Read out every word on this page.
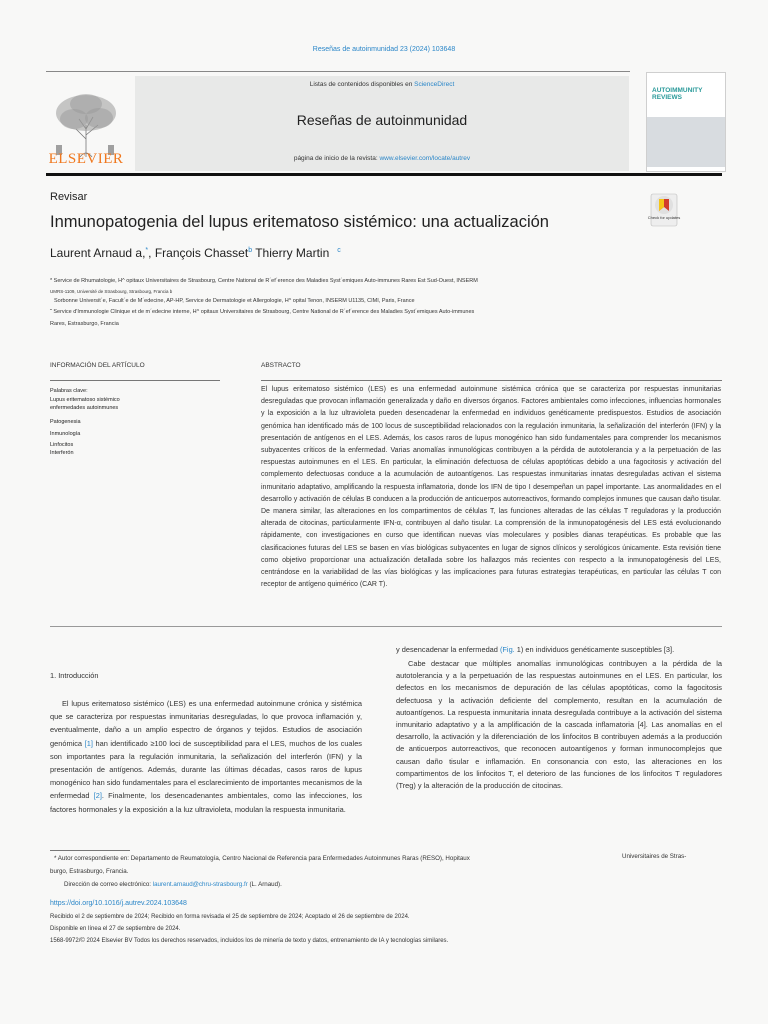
Reseñas de autoinmunidad 23 (2024) 103648
ELSEVIER
Listas de contenidos disponibles en ScienceDirect
Reseñas de autoinmunidad
página de inicio de la revista: www.elsevier.com/locate/autrev
AUTOIMMUNITY REVIEWS
Revisar
Inmunopatogenia del lupus eritematoso sistémico: una actualización	Check for updates
Laurent Arnaud a,*, François Chasset$^b$ Thierry Martin $^c$
* Service de Rhumatologie, H^ opitaux Universitaires de Strasbourg, Centre National de R´ef´erence des Maladies Syst´emiques Auto-immunes Rares Est Sud-Ouest, INSERM
UMRS-1109, Université de Strasbourg, Strasbourg, Francia b
Sorbonne Universit´e, Facult´e de M´edecine, AP-HP, Service de Dermatologie et Allergologie, H^ opital Tenon, INSERM U1135, CIMI, Paris, France
˜ Service d'Immunologie Clinique et de m´edecine interne, H^ opitaux Universitaires de Strasbourg, Centre National de R´ef´erence des Maladies Syst´emiques Auto-immunes
Rares, Estrasburgo, Francia
INFORMACIÓN DEL ARTÍCULO	ABSTRACTO
Palabras clave:
Lupus eritematoso sistémico
enfermedades autoinmunes
Patogenesia
Inmunología
Linfocitos
Interferón
El lupus eritematoso sistémico (LES) es una enfermedad autoinmune sistémica crónica que se caracteriza por respuestas inmunitarias desreguladas que provocan inflamación generalizada y daño en diversos órganos. Factores ambientales como infecciones, influencias hormonales y la exposición a la luz ultravioleta pueden desencadenar la enfermedad en individuos genéticamente predispuestos. Estudios de asociación genómica han identificado más de 100 locus de susceptibilidad relacionados con la regulación inmunitaria, la señalización del interferón (IFN) y la presentación de antígenos en el LES. Además, los casos raros de lupus monogénico han sido fundamentales para comprender los mecanismos subyacentes críticos de la enfermedad. Varias anomalías inmunológicas contribuyen a la pérdida de autotolerancia y a la perpetuación de las respuestas autoinmunes en el LES. En particular, la eliminación defectuosa de células apoptóticas debido a una fagocitosis y activación del complemento defectuosas conduce a la acumulación de autoantígenos. Las respuestas inmunitarias innatas desreguladas activan el sistema inmunitario adaptativo, amplificando la respuesta inflamatoria, donde los IFN de tipo I desempeñan un papel importante. Las anormalidades en el desarrollo y activación de células B conducen a la producción de anticuerpos autorreactivos, formando complejos inmunes que causan daño tisular. De manera similar, las alteraciones en los compartimentos de células T, las funciones alteradas de las células T reguladoras y la producción alterada de citocinas, particularmente IFN-α, contribuyen al daño tisular. La comprensión de la inmunopatogénesis del LES está evolucionando rápidamente, con investigaciones en curso que identifican nuevas vías moleculares y posibles dianas terapéuticas. Es probable que las clasificaciones futuras del LES se basen en vías biológicas subyacentes en lugar de signos clínicos y serológicos únicamente. Esta revisión tiene como objetivo proporcionar una actualización detallada sobre los hallazgos más recientes con respecto a la inmunopatogénesis del LES, centrándose en la variabilidad de las vías biológicas y las implicaciones para futuras estrategias terapéuticas, en particular las células T con receptor de antígeno quimérico (CAR T).
1. Introducción
El lupus eritematoso sistémico (LES) es una enfermedad autoinmune crónica y sistémica que se caracteriza por respuestas inmunitarias desreguladas, lo que provoca inflamación y, eventualmente, daño a un amplio espectro de órganos y tejidos. Estudios de asociación genómica [1] han identificado ≥100 loci de susceptibilidad para el LES, muchos de los cuales son importantes para la regulación inmunitaria, la señalización del interferón (IFN) y la presentación de antígenos. Además, durante las últimas décadas, casos raros de lupus monogénico han sido fundamentales para el esclarecimiento de importantes mecanismos de la enfermedad [2]. Finalmente, los desencadenantes ambientales, como las infecciones, los factores hormonales y la exposición a la luz ultravioleta, modulan la respuesta inmunitaria.
y desencadenar la enfermedad (Fig. 1) en individuos genéticamente susceptibles [3].
Cabe destacar que múltiples anomalías inmunológicas contribuyen a la pérdida de la autotolerancia y a la perpetuación de las respuestas autoinmunes en el LES. En particular, los defectos en los mecanismos de depuración de las células apoptóticas, como la fagocitosis defectuosa y la activación deficiente del complemento, resultan en la acumulación de autoantígenos. La respuesta inmunitaria innata desregulada contribuye a la activación del sistema inmunitario adaptativo y a la amplificación de la cascada inflamatoria [4]. Las anomalías en el desarrollo, la activación y la diferenciación de los linfocitos B contribuyen además a la producción de anticuerpos autorreactivos, que reconocen autoantígenos y forman inmunocomplejos que causan daño tisular e inflamación. En consonancia con esto, las alteraciones en los compartimentos de los linfocitos T, el deterioro de las funciones de los linfocitos T reguladores (Treg) y la alteración de la producción de citocinas.
* Autor correspondiente en: Departamento de Reumatología, Centro Nacional de Referencia para Enfermedades Autoinmunes Raras (RESO), Hopitaux	Universitaires de Stras-
burgo, Estrasburgo, Francia.
Dirección de correo electrónico: laurent.arnaud@chru-strasbourg.fr (L. Arnaud).
https://doi.org/10.1016/j.autrev.2024.103648
Recibido el 2 de septiembre de 2024; Recibido en forma revisada el 25 de septiembre de 2024; Aceptado el 26 de septiembre de 2024.
Disponible en línea el 27 de septiembre de 2024.
1568-9972/© 2024 Elsevier BV Todos los derechos reservados, incluidos los de minería de texto y datos, entrenamiento de IA y tecnologías similares.
